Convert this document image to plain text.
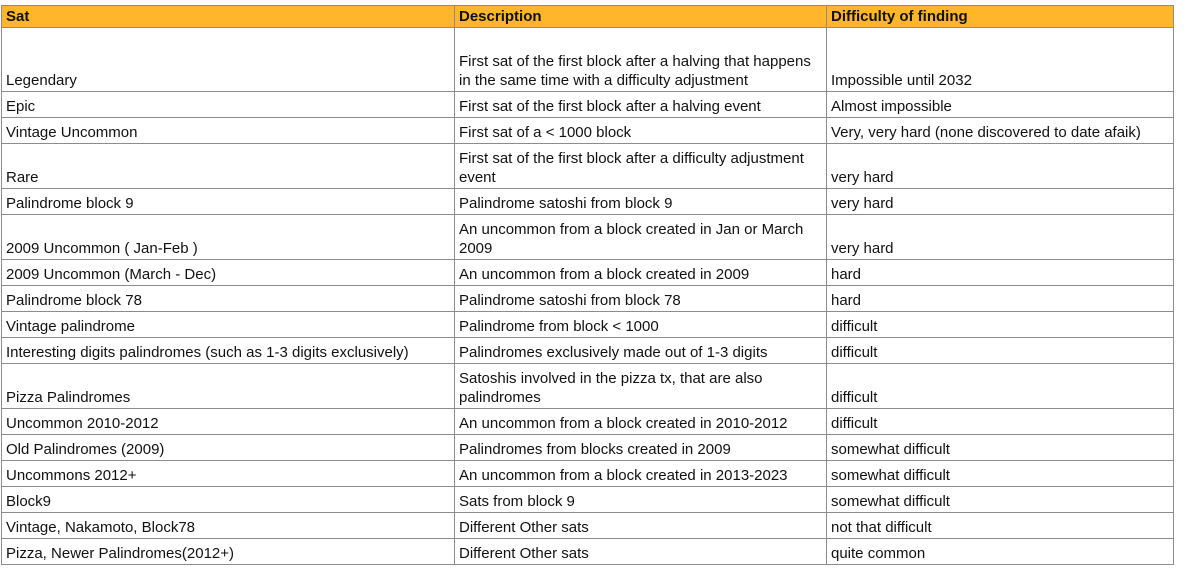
Sat	Description	Difficulty of finding
Legendary	First sat of the first block after a halving that happens in the same time with a difficulty adjustment	Impossible until 2032
Epic	First sat of the first block after a halving event	Almost impossible
Vintage Uncommon	First sat of a < 1000 block	Very, very hard (none discovered to date afaik)
Rare	First sat of the first block after a difficulty adjustment event	very hard
Palindrome block 9	Palindrome satoshi from block 9	very hard
2009 Uncommon ( Jan-Feb )	An uncommon from a block created in Jan or March 2009	very hard
2009 Uncommon (March - Dec)	An uncommon from a block created in 2009	hard
Palindrome block 78	Palindrome satoshi from block 78	hard
Vintage palindrome	Palindrome from block < 1000	difficult
Interesting digits palindromes (such as 1-3 digits exclusively)	Palindromes exclusively made out of 1-3 digits	difficult
Pizza Palindromes	Satoshis involved in the pizza tx, that are also palindromes	difficult
Uncommon 2010-2012	An uncommon from a block created in 2010-2012	difficult
Old Palindromes (2009)	Palindromes from blocks created in 2009	somewhat difficult
Uncommons 2012+	An uncommon from a block created in 2013-2023	somewhat difficult
Block9	Sats from block 9	somewhat difficult
Vintage, Nakamoto, Block78	Different Other sats	not that difficult
Pizza, Newer Palindromes(2012+)	Different Other sats	quite common
